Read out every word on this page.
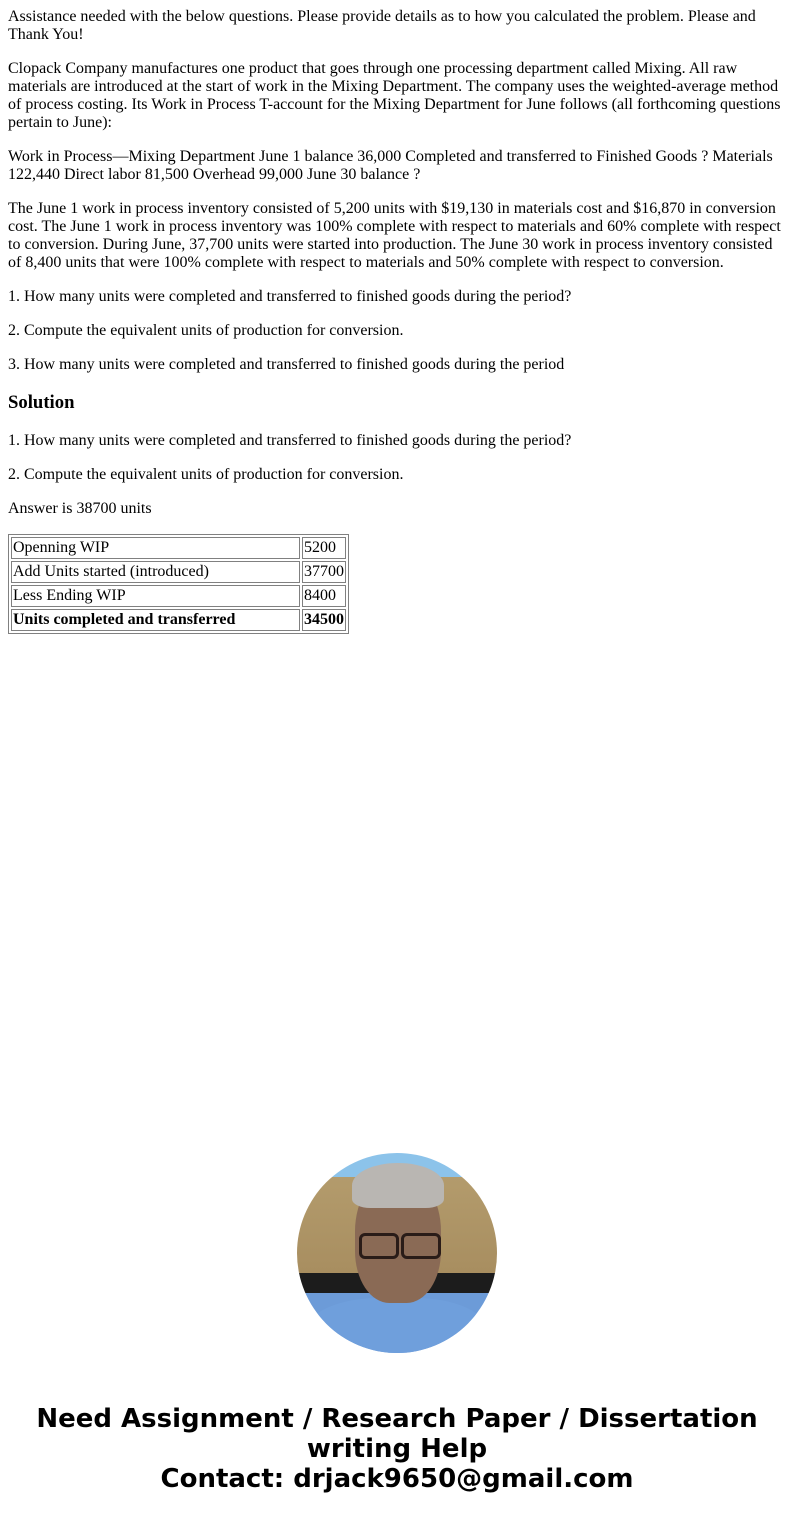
Assistance needed with the below questions. Please provide details as to how you calculated the problem. Please and Thank You!

Clopack Company manufactures one product that goes through one processing department called Mixing. All raw materials are introduced at the start of work in the Mixing Department. The company uses the weighted-average method of process costing. Its Work in Process T-account for the Mixing Department for June follows (all forthcoming questions pertain to June):

Work in Process—Mixing Department June 1 balance 36,000 Completed and transferred to Finished Goods ? Materials 122,440 Direct labor 81,500 Overhead 99,000 June 30 balance ?

The June 1 work in process inventory consisted of 5,200 units with $19,130 in materials cost and $16,870 in conversion cost. The June 1 work in process inventory was 100% complete with respect to materials and 60% complete with respect to conversion. During June, 37,700 units were started into production. The June 30 work in process inventory consisted of 8,400 units that were 100% complete with respect to materials and 50% complete with respect to conversion.

1. How many units were completed and transferred to finished goods during the period?

2. Compute the equivalent units of production for conversion.

3. How many units were completed and transferred to finished goods during the period

Solution

1. How many units were completed and transferred to finished goods during the period?

2. Compute the equivalent units of production for conversion.

Answer is 38700 units

Openning WIP	5200
Add Units started (introduced)	37700
Less Ending WIP	8400
Units completed and transferred	34500
Need Assignment / Research Paper / Dissertation
writing Help
Contact: drjack9650@gmail.com
